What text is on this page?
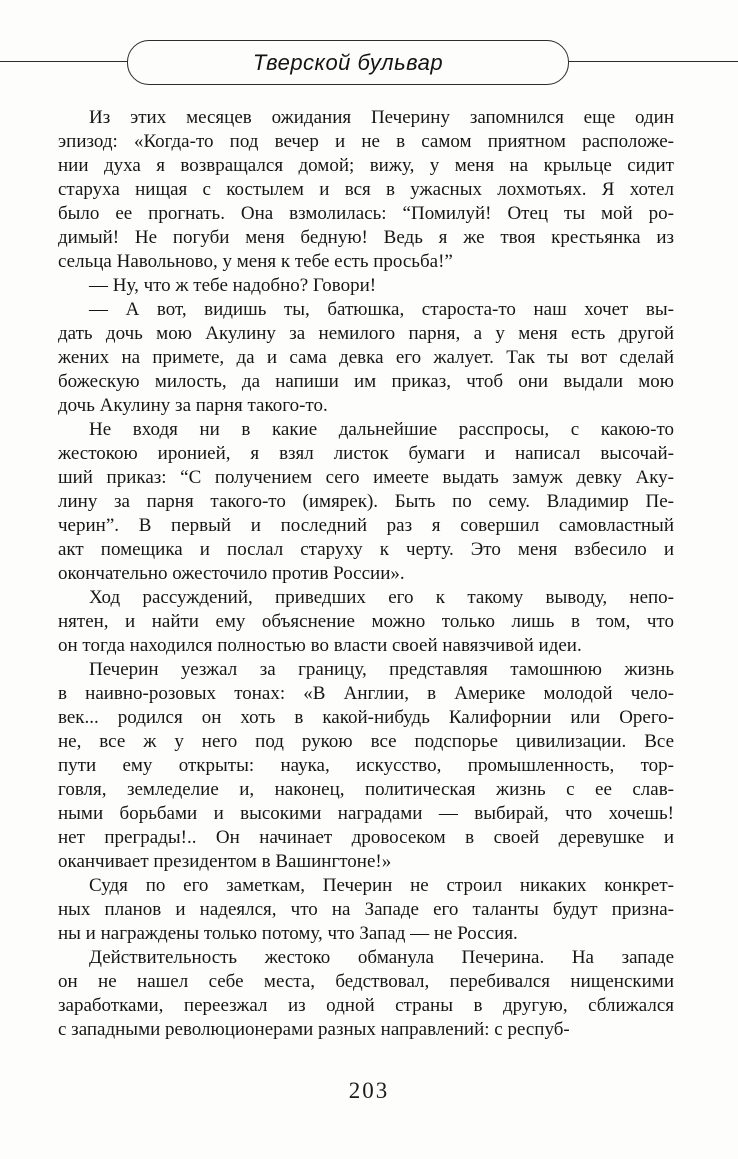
Тверской бульвар
Из этих месяцев ожидания Печерину запомнился еще один
эпизод: «Когда-то под вечер и не в самом приятном расположе-
нии духа я возвращался домой; вижу, у меня на крыльце сидит
старуха нищая с костылем и вся в ужасных лохмотьях. Я хотел
было ее прогнать. Она взмолилась: “Помилуй! Отец ты мой ро-
димый! Не погуби меня бедную! Ведь я же твоя крестьянка из
сельца Навольново, у меня к тебе есть просьба!”
— Ну, что ж тебе надобно? Говори!
— А вот, видишь ты, батюшка, староста-то наш хочет вы-
дать дочь мою Акулину за немилого парня, а у меня есть другой
жених на примете, да и сама девка его жалует. Так ты вот сделай
божескую милость, да напиши им приказ, чтоб они выдали мою
дочь Акулину за парня такого-то.
Не входя ни в какие дальнейшие расспросы, с какою-то
жестокою иронией, я взял листок бумаги и написал высочай-
ший приказ: “С получением сего имеете выдать замуж девку Аку-
лину за парня такого-то (имярек). Быть по сему. Владимир Пе-
черин”. В первый и последний раз я совершил самовластный
акт помещика и послал старуху к черту. Это меня взбесило и
окончательно ожесточило против России».
Ход рассуждений, приведших его к такому выводу, непо-
нятен, и найти ему объяснение можно только лишь в том, что
он тогда находился полностью во власти своей навязчивой идеи.
Печерин уезжал за границу, представляя тамошнюю жизнь
в наивно-розовых тонах: «В Англии, в Америке молодой чело-
век... родился он хоть в какой-нибудь Калифорнии или Орего-
не, все ж у него под рукою все подспорье цивилизации. Все
пути ему открыты: наука, искусство, промышленность, тор-
говля, земледелие и, наконец, политическая жизнь с ее слав-
ными борьбами и высокими наградами — выбирай, что хочешь!
нет преграды!.. Он начинает дровосеком в своей деревушке и
оканчивает президентом в Вашингтоне!»
Судя по его заметкам, Печерин не строил никаких конкрет-
ных планов и надеялся, что на Западе его таланты будут призна-
ны и награждены только потому, что Запад — не Россия.
Действительность жестоко обманула Печерина. На западе
он не нашел себе места, бедствовал, перебивался нищенскими
заработками, переезжал из одной страны в другую, сближался
с западными революционерами разных направлений: с респуб-
203
